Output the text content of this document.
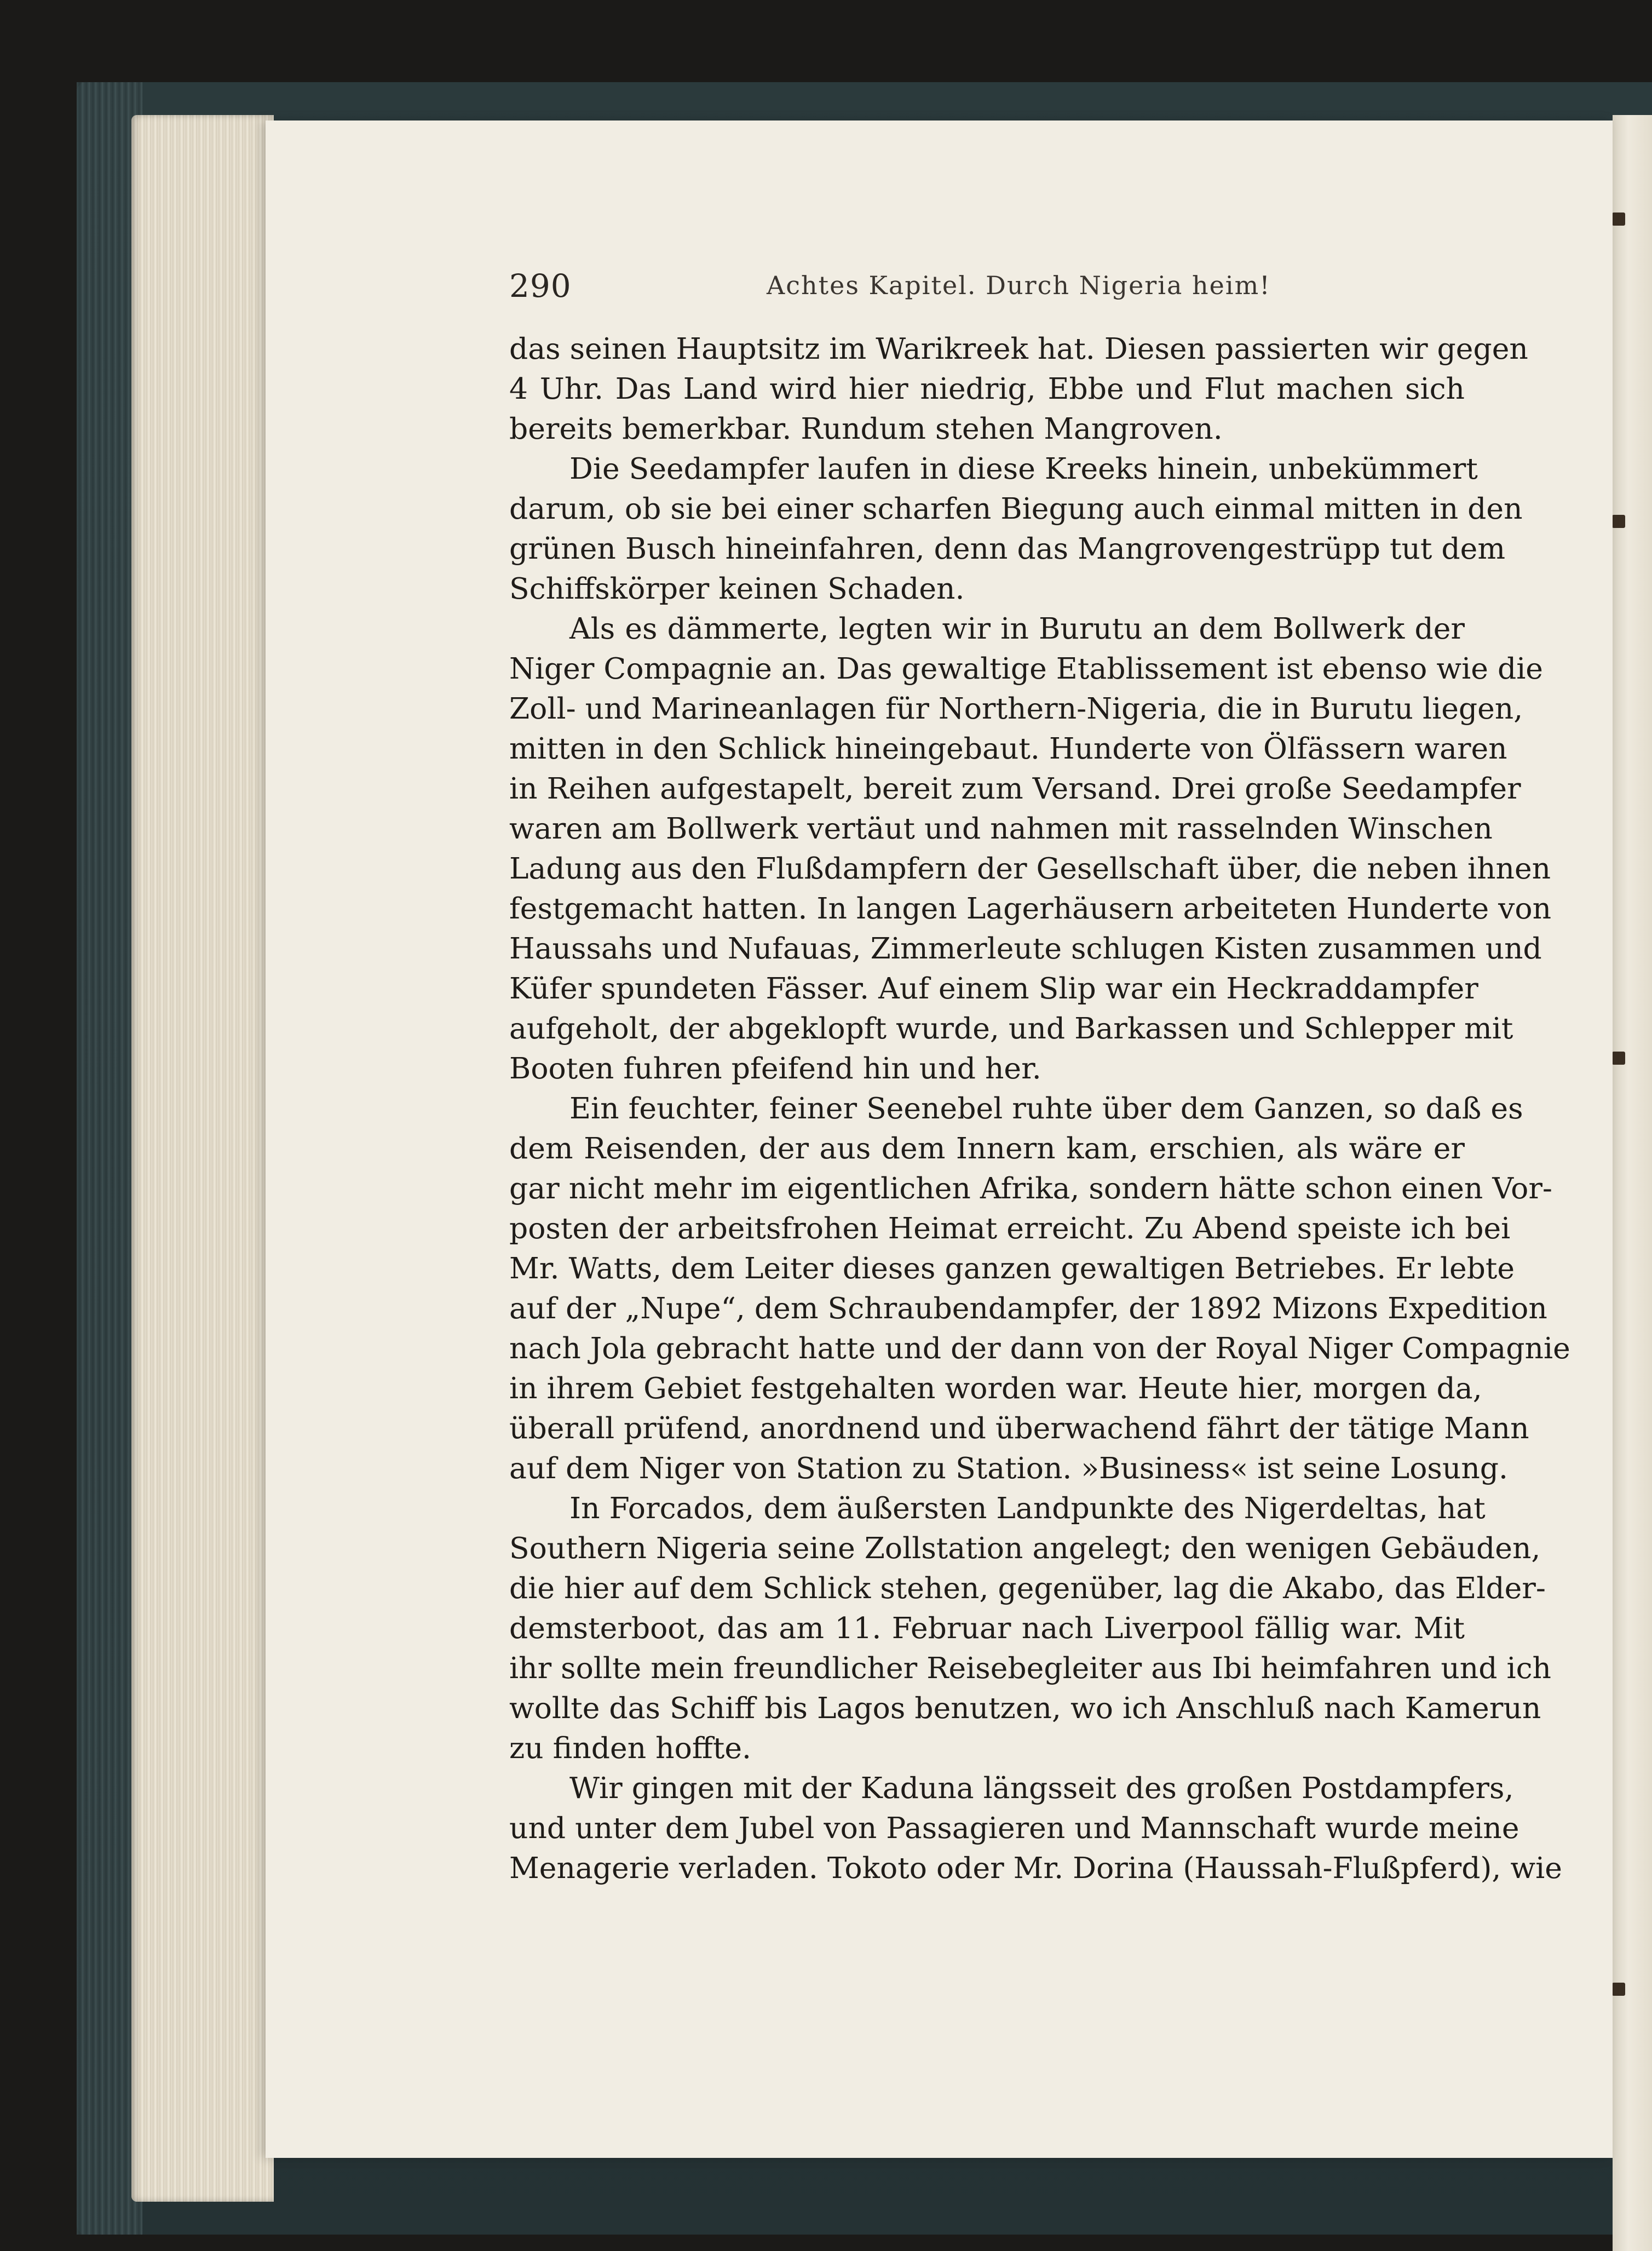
290	Achtes Kapitel. Durch Nigeria heim!
das seinen Hauptsitz im Warikreek hat. Diesen passierten wir gegen
4 Uhr. Das Land wird hier niedrig, Ebbe und Flut machen sich
bereits bemerkbar. Rundum stehen Mangroven.
Die Seedampfer laufen in diese Kreeks hinein, unbekümmert
darum, ob sie bei einer scharfen Biegung auch einmal mitten in den
grünen Busch hineinfahren, denn das Mangrovengestrüpp tut dem
Schiffskörper keinen Schaden.
Als es dämmerte, legten wir in Burutu an dem Bollwerk der
Niger Compagnie an. Das gewaltige Etablissement ist ebenso wie die
Zoll- und Marineanlagen für Northern-Nigeria, die in Burutu liegen,
mitten in den Schlick hineingebaut. Hunderte von Ölfässern waren
in Reihen aufgestapelt, bereit zum Versand. Drei große Seedampfer
waren am Bollwerk vertäut und nahmen mit rasselnden Winschen
Ladung aus den Flußdampfern der Gesellschaft über, die neben ihnen
festgemacht hatten. In langen Lagerhäusern arbeiteten Hunderte von
Haussahs und Nufauas, Zimmerleute schlugen Kisten zusammen und
Küfer spundeten Fässer. Auf einem Slip war ein Heckraddampfer
aufgeholt, der abgeklopft wurde, und Barkassen und Schlepper mit
Booten fuhren pfeifend hin und her.
Ein feuchter, feiner Seenebel ruhte über dem Ganzen, so daß es
dem Reisenden, der aus dem Innern kam, erschien, als wäre er
gar nicht mehr im eigentlichen Afrika, sondern hätte schon einen Vor-
posten der arbeitsfrohen Heimat erreicht. Zu Abend speiste ich bei
Mr. Watts, dem Leiter dieses ganzen gewaltigen Betriebes. Er lebte
auf der „Nupe“, dem Schraubendampfer, der 1892 Mizons Expedition
nach Jola gebracht hatte und der dann von der Royal Niger Compagnie
in ihrem Gebiet festgehalten worden war. Heute hier, morgen da,
überall prüfend, anordnend und überwachend fährt der tätige Mann
auf dem Niger von Station zu Station. »Business« ist seine Losung.
In Forcados, dem äußersten Landpunkte des Nigerdeltas, hat
Southern Nigeria seine Zollstation angelegt; den wenigen Gebäuden,
die hier auf dem Schlick stehen, gegenüber, lag die Akabo, das Elder-
demsterboot, das am 11. Februar nach Liverpool fällig war. Mit
ihr sollte mein freundlicher Reisebegleiter aus Ibi heimfahren und ich
wollte das Schiff bis Lagos benutzen, wo ich Anschluß nach Kamerun
zu finden hoffte.
Wir gingen mit der Kaduna längsseit des großen Postdampfers,
und unter dem Jubel von Passagieren und Mannschaft wurde meine
Menagerie verladen. Tokoto oder Mr. Dorina (Haussah-Flußpferd), wie
